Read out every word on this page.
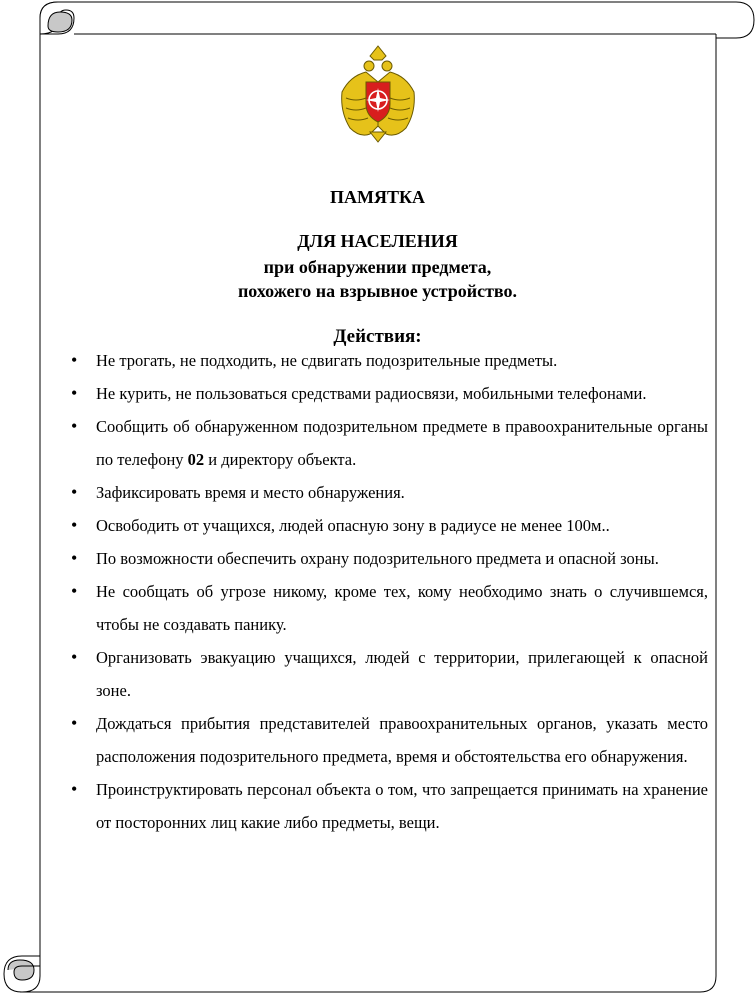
ПАМЯТКА
ДЛЯ НАСЕЛЕНИЯ
при обнаружении предмета,
похожего на взрывное устройство.
Действия:
• Не трогать, не подходить, не сдвигать подозрительные предметы.
• Не курить, не пользоваться средствами радиосвязи, мобильными телефонами.
• Сообщить об обнаруженном подозрительном предмете в правоохранительные органы по телефону 02 и директору объекта.
• Зафиксировать время и место обнаружения.
• Освободить от учащихся, людей опасную зону в радиусе не менее 100м..
• По возможности обеспечить охрану подозрительного предмета и опасной зоны.
• Не сообщать об угрозе никому, кроме тех, кому необходимо знать о случившемся, чтобы не создавать панику.
• Организовать эвакуацию учащихся, людей с территории, прилегающей к опасной зоне.
• Дождаться прибытия представителей правоохранительных органов, указать место расположения подозрительного предмета, время и обстоятельства его обнаружения.
• Проинструктировать персонал объекта о том, что запрещается принимать на хранение от посторонних лиц какие либо предметы, вещи.
